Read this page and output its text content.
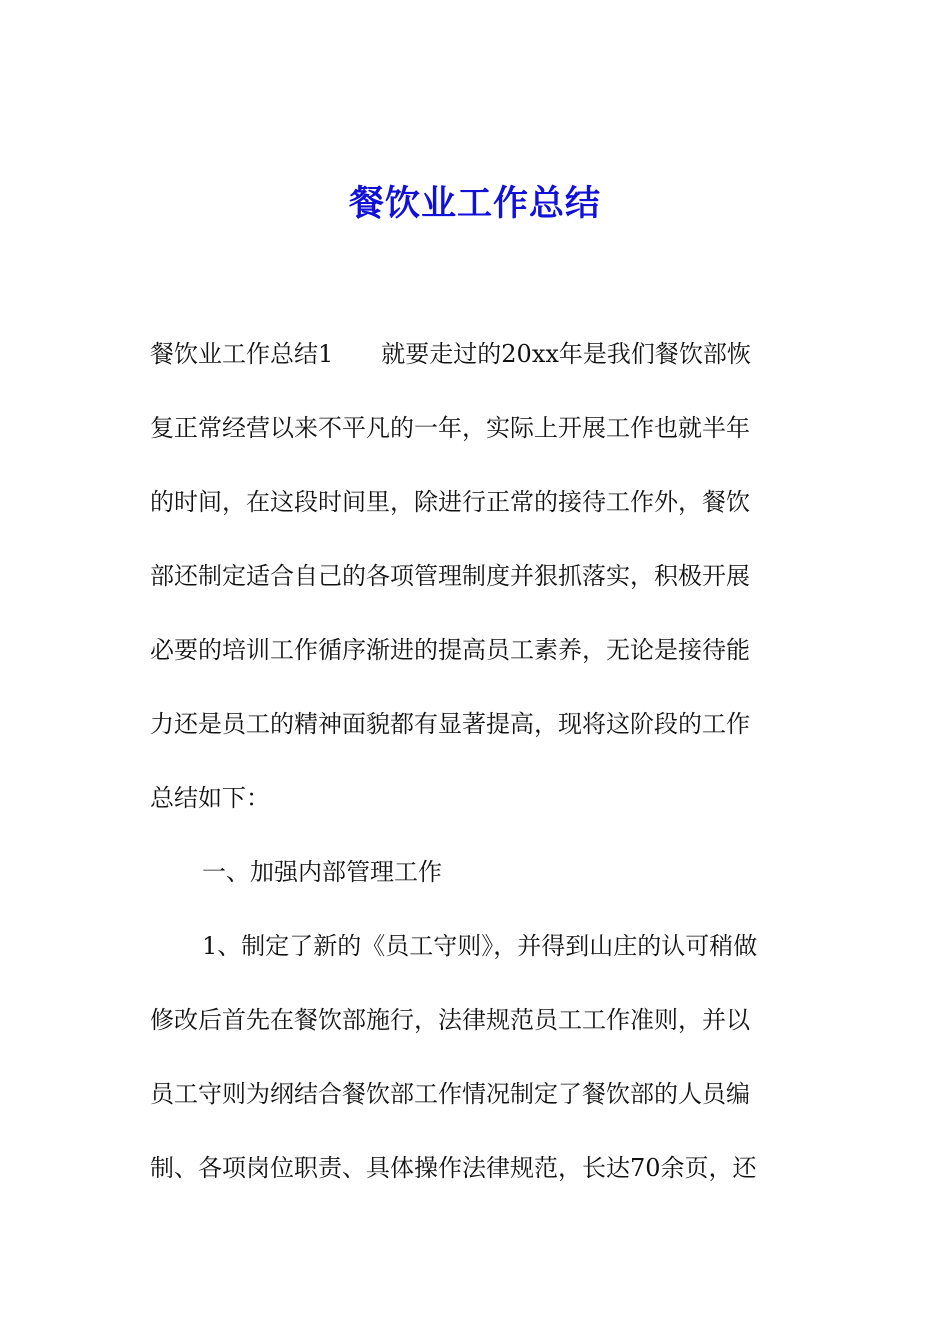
餐饮业工作总结
餐饮业工作总结1 就要走过的20xx年是我们餐饮部恢
复正常经营以来不平凡的一年，实际上开展工作也就半年
的时间，在这段时间里，除进行正常的接待工作外，餐饮
部还制定适合自己的各项管理制度并狠抓落实，积极开展
必要的培训工作循序渐进的提高员工素养，无论是接待能
力还是员工的精神面貌都有显著提高，现将这阶段的工作
总结如下：
一、加强内部管理工作
1、制定了新的《员工守则》，并得到山庄的认可稍做
修改后首先在餐饮部施行，法律规范员工工作准则，并以
员工守则为纲结合餐饮部工作情况制定了餐饮部的人员编
制、各项岗位职责、具体操作法律规范，长达70余页，还
